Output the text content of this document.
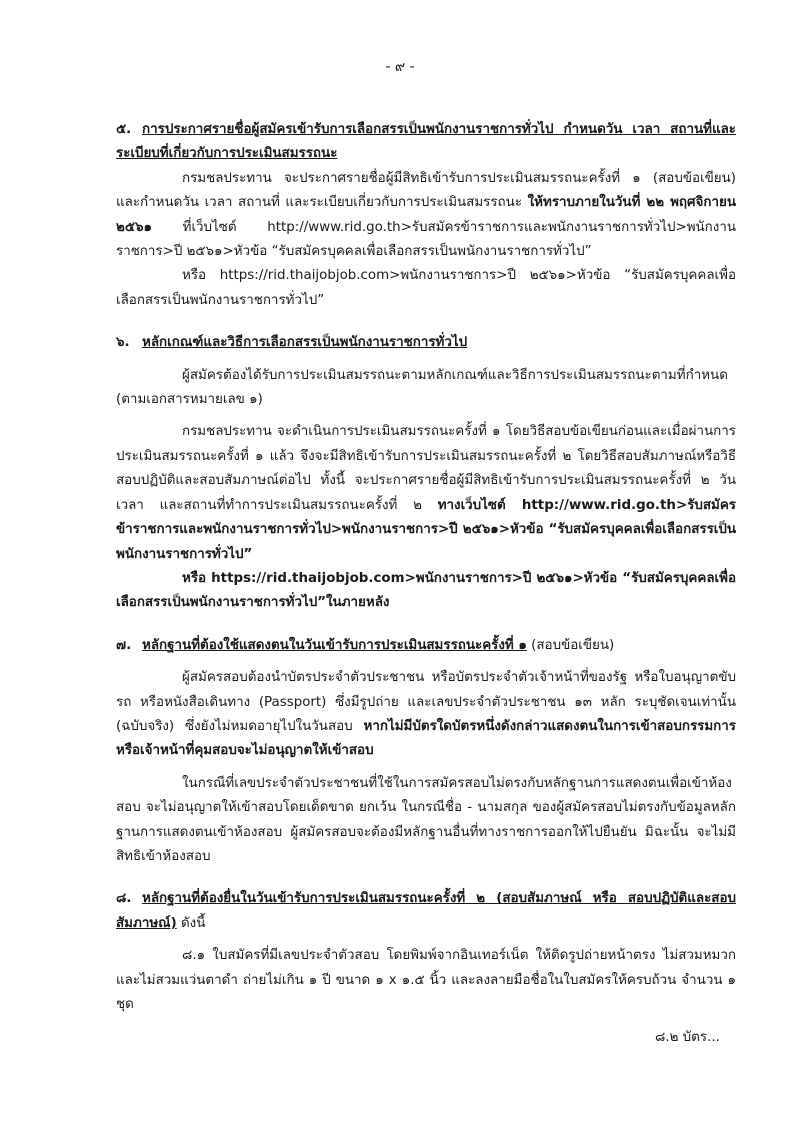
- ๙ -

๕. การประกาศรายชื่อผู้สมัครเข้ารับการเลือกสรรเป็นพนักงานราชการทั่วไป กำหนดวัน เวลา สถานที่และระเบียบที่เกี่ยวกับการประเมินสมรรถนะ

กรมชลประทาน จะประกาศรายชื่อผู้มีสิทธิเข้ารับการประเมินสมรรถนะครั้งที่ ๑ (สอบข้อเขียน) และกำหนดวัน เวลา สถานที่ และระเบียบเกี่ยวกับการประเมินสมรรถนะ ให้ทราบภายในวันที่ ๒๒ พฤศจิกายน ๒๕๖๑ ที่เว็บไซต์ http://www.rid.go.th>รับสมัครข้าราชการและพนักงานราชการทั่วไป>พนักงานราชการ>ปี ๒๕๖๑>หัวข้อ “รับสมัครบุคคลเพื่อเลือกสรรเป็นพนักงานราชการทั่วไป”

หรือ https://rid.thaijobjob.com>พนักงานราชการ>ปี ๒๕๖๑>หัวข้อ “รับสมัครบุคคลเพื่อเลือกสรรเป็นพนักงานราชการทั่วไป”

๖. หลักเกณฑ์และวิธีการเลือกสรรเป็นพนักงานราชการทั่วไป

ผู้สมัครต้องได้รับการประเมินสมรรถนะตามหลักเกณฑ์และวิธีการประเมินสมรรถนะตามที่กำหนด (ตามเอกสารหมายเลข ๑)

กรมชลประทาน จะดำเนินการประเมินสมรรถนะครั้งที่ ๑ โดยวิธีสอบข้อเขียนก่อนและเมื่อผ่านการประเมินสมรรถนะครั้งที่ ๑ แล้ว จึงจะมีสิทธิเข้ารับการประเมินสมรรถนะครั้งที่ ๒ โดยวิธีสอบสัมภาษณ์หรือวิธีสอบปฏิบัติและสอบสัมภาษณ์ต่อไป ทั้งนี้ จะประกาศรายชื่อผู้มีสิทธิเข้ารับการประเมินสมรรถนะครั้งที่ ๒ วัน เวลา และสถานที่ทำการประเมินสมรรถนะครั้งที่ ๒ ทางเว็บไซต์ http://www.rid.go.th>รับสมัครข้าราชการและพนักงานราชการทั่วไป>พนักงานราชการ>ปี ๒๕๖๑>หัวข้อ “รับสมัครบุคคลเพื่อเลือกสรรเป็นพนักงานราชการทั่วไป”

หรือ https://rid.thaijobjob.com>พนักงานราชการ>ปี ๒๕๖๑>หัวข้อ “รับสมัครบุคคลเพื่อเลือกสรรเป็นพนักงานราชการทั่วไป”ในภายหลัง

๗. หลักฐานที่ต้องใช้แสดงตนในวันเข้ารับการประเมินสมรรถนะครั้งที่ ๑ (สอบข้อเขียน)

ผู้สมัครสอบต้องนำบัตรประจำตัวประชาชน หรือบัตรประจำตัวเจ้าหน้าที่ของรัฐ หรือใบอนุญาตขับรถ หรือหนังสือเดินทาง (Passport) ซึ่งมีรูปถ่าย และเลขประจำตัวประชาชน ๑๓ หลัก ระบุชัดเจนเท่านั้น (ฉบับจริง) ซึ่งยังไม่หมดอายุไปในวันสอบ หากไม่มีบัตรใดบัตรหนึ่งดังกล่าวแสดงตนในการเข้าสอบกรรมการหรือเจ้าหน้าที่คุมสอบจะไม่อนุญาตให้เข้าสอบ

ในกรณีที่เลขประจำตัวประชาชนที่ใช้ในการสมัครสอบไม่ตรงกับหลักฐานการแสดงตนเพื่อเข้าห้องสอบ จะไม่อนุญาตให้เข้าสอบโดยเด็ดขาด ยกเว้น ในกรณีชื่อ - นามสกุล ของผู้สมัครสอบไม่ตรงกับข้อมูลหลักฐานการแสดงตนเข้าห้องสอบ ผู้สมัครสอบจะต้องมีหลักฐานอื่นที่ทางราชการออกให้ไปยืนยัน มิฉะนั้น จะไม่มีสิทธิเข้าห้องสอบ

๘. หลักฐานที่ต้องยื่นในวันเข้ารับการประเมินสมรรถนะครั้งที่ ๒ (สอบสัมภาษณ์ หรือ สอบปฏิบัติและสอบสัมภาษณ์) ดังนี้

๘.๑ ใบสมัครที่มีเลขประจำตัวสอบ โดยพิมพ์จากอินเทอร์เน็ต ให้ติดรูปถ่ายหน้าตรง ไม่สวมหมวก และไม่สวมแว่นตาดำ ถ่ายไม่เกิน ๑ ปี ขนาด ๑ x ๑.๕ นิ้ว และลงลายมือชื่อในใบสมัครให้ครบถ้วน จำนวน ๑ ชุด

๘.๒ บัตร...
